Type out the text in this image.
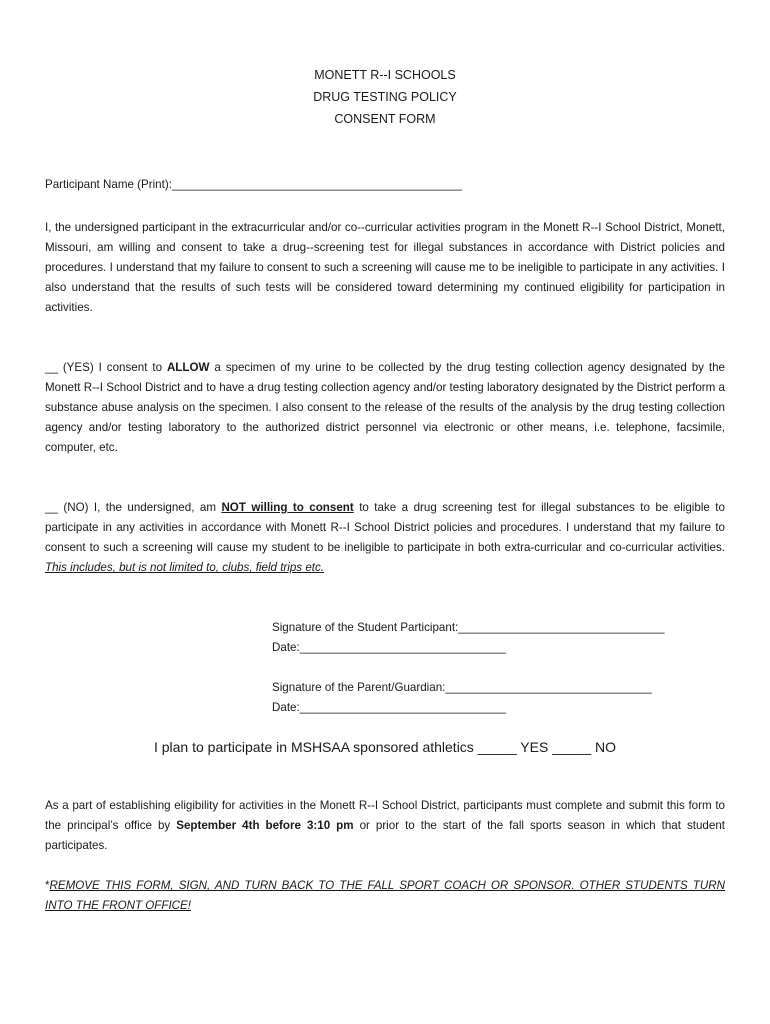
MONETT R--I SCHOOLS
DRUG TESTING POLICY
CONSENT FORM
Participant Name (Print):_____________________________________________
I, the undersigned participant in the extracurricular and/or co--curricular activities program in the Monett R--I School District, Monett, Missouri, am willing and consent to take a drug--screening test for illegal substances in accordance with District policies and procedures. I understand that my failure to consent to such a screening will cause me to be ineligible to participate in any activities. I also understand that the results of such tests will be considered toward determining my continued eligibility for participation in activities.
__ (YES) I consent to ALLOW a specimen of my urine to be collected by the drug testing collection agency designated by the Monett R--I School District and to have a drug testing collection agency and/or testing laboratory designated by the District perform a substance abuse analysis on the specimen. I also consent to the release of the results of the analysis by the drug testing collection agency and/or testing laboratory to the authorized district personnel via electronic or other means, i.e. telephone, facsimile, computer, etc.
__ (NO) I, the undersigned, am NOT willing to consent to take a drug screening test for illegal substances to be eligible to participate in any activities in accordance with Monett R--I School District policies and procedures. I understand that my failure to consent to such a screening will cause my student to be ineligible to participate in both extra-curricular and co-curricular activities. This includes, but is not limited to, clubs, field trips etc.
Signature of the Student Participant:________________________________
Date:________________________________
Signature of the Parent/Guardian:________________________________
Date:________________________________
I plan to participate in MSHSAA sponsored athletics _____ YES _____ NO
As a part of establishing eligibility for activities in the Monett R--I School District, participants must complete and submit this form to the principal’s office by September 4th before 3:10 pm or prior to the start of the fall sports season in which that student participates.
*REMOVE THIS FORM, SIGN, AND TURN BACK TO THE FALL SPORT COACH OR SPONSOR. OTHER STUDENTS TURN INTO THE FRONT OFFICE!
